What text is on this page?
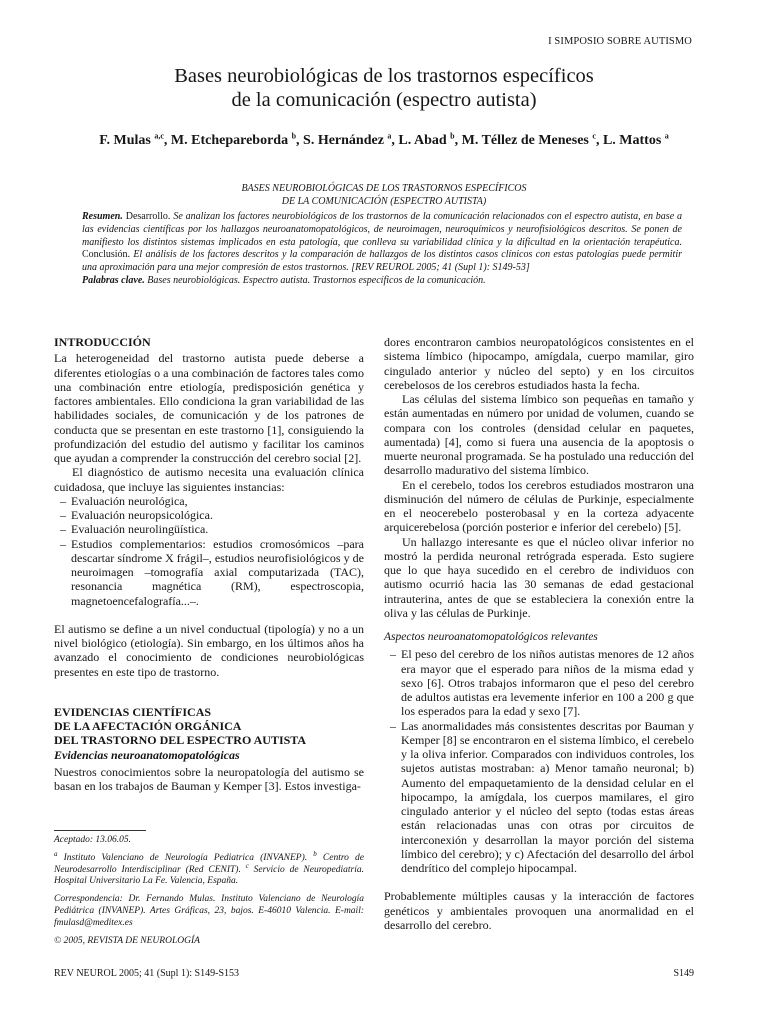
I SIMPOSIO SOBRE AUTISMO
Bases neurobiológicas de los trastornos específicos
de la comunicación (espectro autista)
F. Mulas $^{a,c}$, M. Etchepareborda $^b$, S. Hernández $^a$, L. Abad $^b$, M. Téllez de Meneses $^c$, L. Mattos $^a$
BASES NEUROBIOLÓGICAS DE LOS TRASTORNOS ESPECÍFICOS
DE LA COMUNICACIÓN (ESPECTRO AUTISTA)

Resumen. Desarrollo. Se analizan los factores neurobiológicos de los trastornos de la comunicación relacionados con el espectro autista, en base a las evidencias científicas por los hallazgos neuroanatomopatológicos, de neuroimagen, neuroquímicos y neurofisiológicos descritos. Se ponen de manifiesto los distintos sistemas implicados en esta patología, que conlleva su variabilidad clínica y la dificultad en la orientación terapéutica. Conclusión. El análisis de los factores descritos y la comparación de hallazgos de los distintos casos clínicos con estas patologías puede permitir una aproximación para una mejor compresión de estos trastornos. [REV REUROL 2005; 41 (Supl 1): S149-53]

Palabras clave. Bases neurobiológicas. Espectro autista. Trastornos específicos de la comunicación.

INTRODUCCIÓN

La heterogeneidad del trastorno autista puede deberse a diferentes etiologías o a una combinación de factores tales como una combinación entre etiología, predisposición genética y factores ambientales. Ello condiciona la gran variabilidad de las habilidades sociales, de comunicación y de los patrones de conducta que se presentan en este trastorno [1], consiguiendo la profundización del estudio del autismo y facilitar los caminos que ayudan a comprender la construcción del cerebro social [2].

El diagnóstico de autismo necesita una evaluación clínica cuidadosa, que incluye las siguientes instancias:

– Evaluación neurológica,
– Evaluación neuropsicológica.
– Evaluación neurolingüística.
– Estudios complementarios: estudios cromosómicos –para descartar síndrome X frágil–, estudios neurofisiológicos y de neuroimagen –tomografía axial computarizada (TAC), resonancia magnética (RM), espectroscopia, magnetoencefalografía...–.

El autismo se define a un nivel conductual (tipología) y no a un nivel biológico (etiología). Sin embargo, en los últimos años ha avanzado el conocimiento de condiciones neurobiológicas presentes en este tipo de trastorno.

EVIDENCIAS CIENTÍFICAS

DE LA AFECTACIÓN ORGÁNICA

DEL TRASTORNO DEL ESPECTRO AUTISTA

Evidencias neuroanatomopatológicas

Nuestros conocimientos sobre la neuropatología del autismo se basan en los trabajos de Bauman y Kemper [3]. Estos investiga-

dores encontraron cambios neuropatológicos consistentes en el sistema límbico (hipocampo, amígdala, cuerpo mamilar, giro cingulado anterior y núcleo del septo) y en los circuitos cerebelosos de los cerebros estudiados hasta la fecha.

Las células del sistema límbico son pequeñas en tamaño y están aumentadas en número por unidad de volumen, cuando se compara con los controles (densidad celular en paquetes, aumentada) [4], como si fuera una ausencia de la apoptosis o muerte neuronal programada. Se ha postulado una reducción del desarrollo madurativo del sistema límbico.

En el cerebelo, todos los cerebros estudiados mostraron una disminución del número de células de Purkinje, especialmente en el neocerebelo posterobasal y en la corteza adyacente arquicerebelosa (porción posterior e inferior del cerebelo) [5].

Un hallazgo interesante es que el núcleo olivar inferior no mostró la perdida neuronal retrógrada esperada. Esto sugiere que lo que haya sucedido en el cerebro de individuos con autismo ocurrió hacia las 30 semanas de edad gestacional intrauterina, antes de que se estableciera la conexión entre la oliva y las células de Purkinje.

Aspectos neuroanatomopatológicos relevantes

– El peso del cerebro de los niños autistas menores de 12 años era mayor que el esperado para niños de la misma edad y sexo [6]. Otros trabajos informaron que el peso del cerebro de adultos autistas era levemente inferior en 100 a 200 g que los esperados para la edad y sexo [7].
– Las anormalidades más consistentes descritas por Bauman y Kemper [8] se encontraron en el sistema límbico, el cerebelo y la oliva inferior. Comparados con individuos controles, los sujetos autistas mostraban: a) Menor tamaño neuronal; b) Aumento del empaquetamiento de la densidad celular en el hipocampo, la amígdala, los cuerpos mamilares, el giro cingulado anterior y el núcleo del septo (todas estas áreas están relacionadas unas con otras por circuitos de interconexión y desarrollan la mayor porción del sistema límbico del cerebro); y c) Afectación del desarrollo del árbol dendrítico del complejo hipocampal.

Probablemente múltiples causas y la interacción de factores genéticos y ambientales provoquen una anormalidad en el desarrollo del cerebro.

Aceptado: 13.06.05.

$^a$ Instituto Valenciano de Neurología Pediatrica (INVANEP). $^b$ Centro de Neurodesarrollo Interdisciplinar (Red CENIT). $^c$ Servicio de Neuropediatría. Hospital Universitario La Fe. Valencia, España.

Correspondencia: Dr. Fernando Mulas. Instituto Valenciano de Neurología Pediátrica (INVANEP). Artes Gráficas, 23, bajos. E-46010 Valencia. E-mail: fmulasd@meditex.es

© 2005, REVISTA DE NEUROLOGÍA

REV NEUROL 2005; 41 (Supl 1): S149-S153	S149
